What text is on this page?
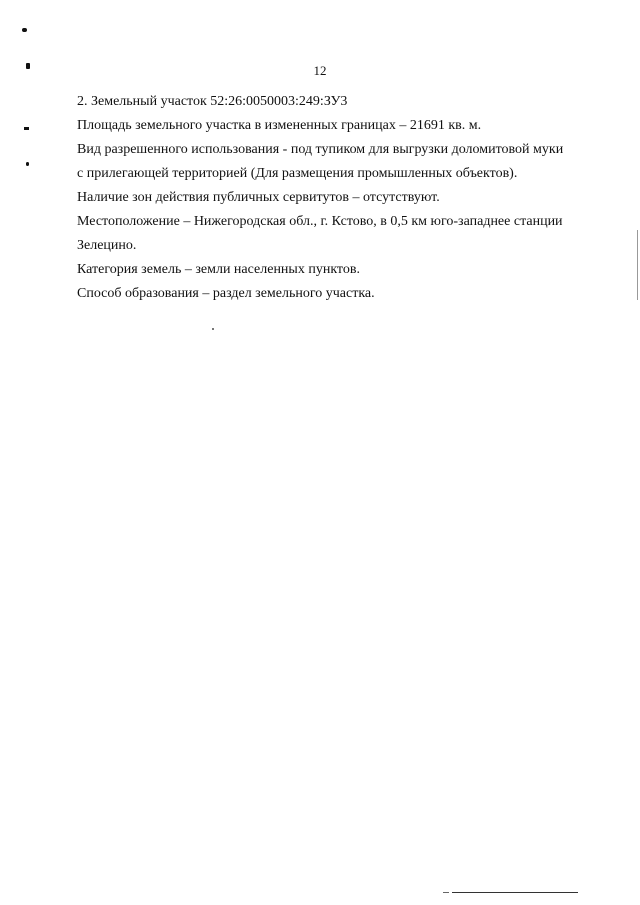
12
2. Земельный участок 52:26:0050003:249:ЗУ3
Площадь земельного участка в измененных границах – 21691 кв. м.
Вид разрешенного использования - под тупиком для выгрузки доломитовой муки
с прилегающей территорией (Для размещения промышленных объектов).
Наличие зон действия публичных сервитутов – отсутствуют.
Местоположение – Нижегородская обл., г. Кстово, в 0,5 км юго-западнее станции
Зелецино.
Категория земель – земли населенных пунктов.
Способ образования – раздел земельного участка.
